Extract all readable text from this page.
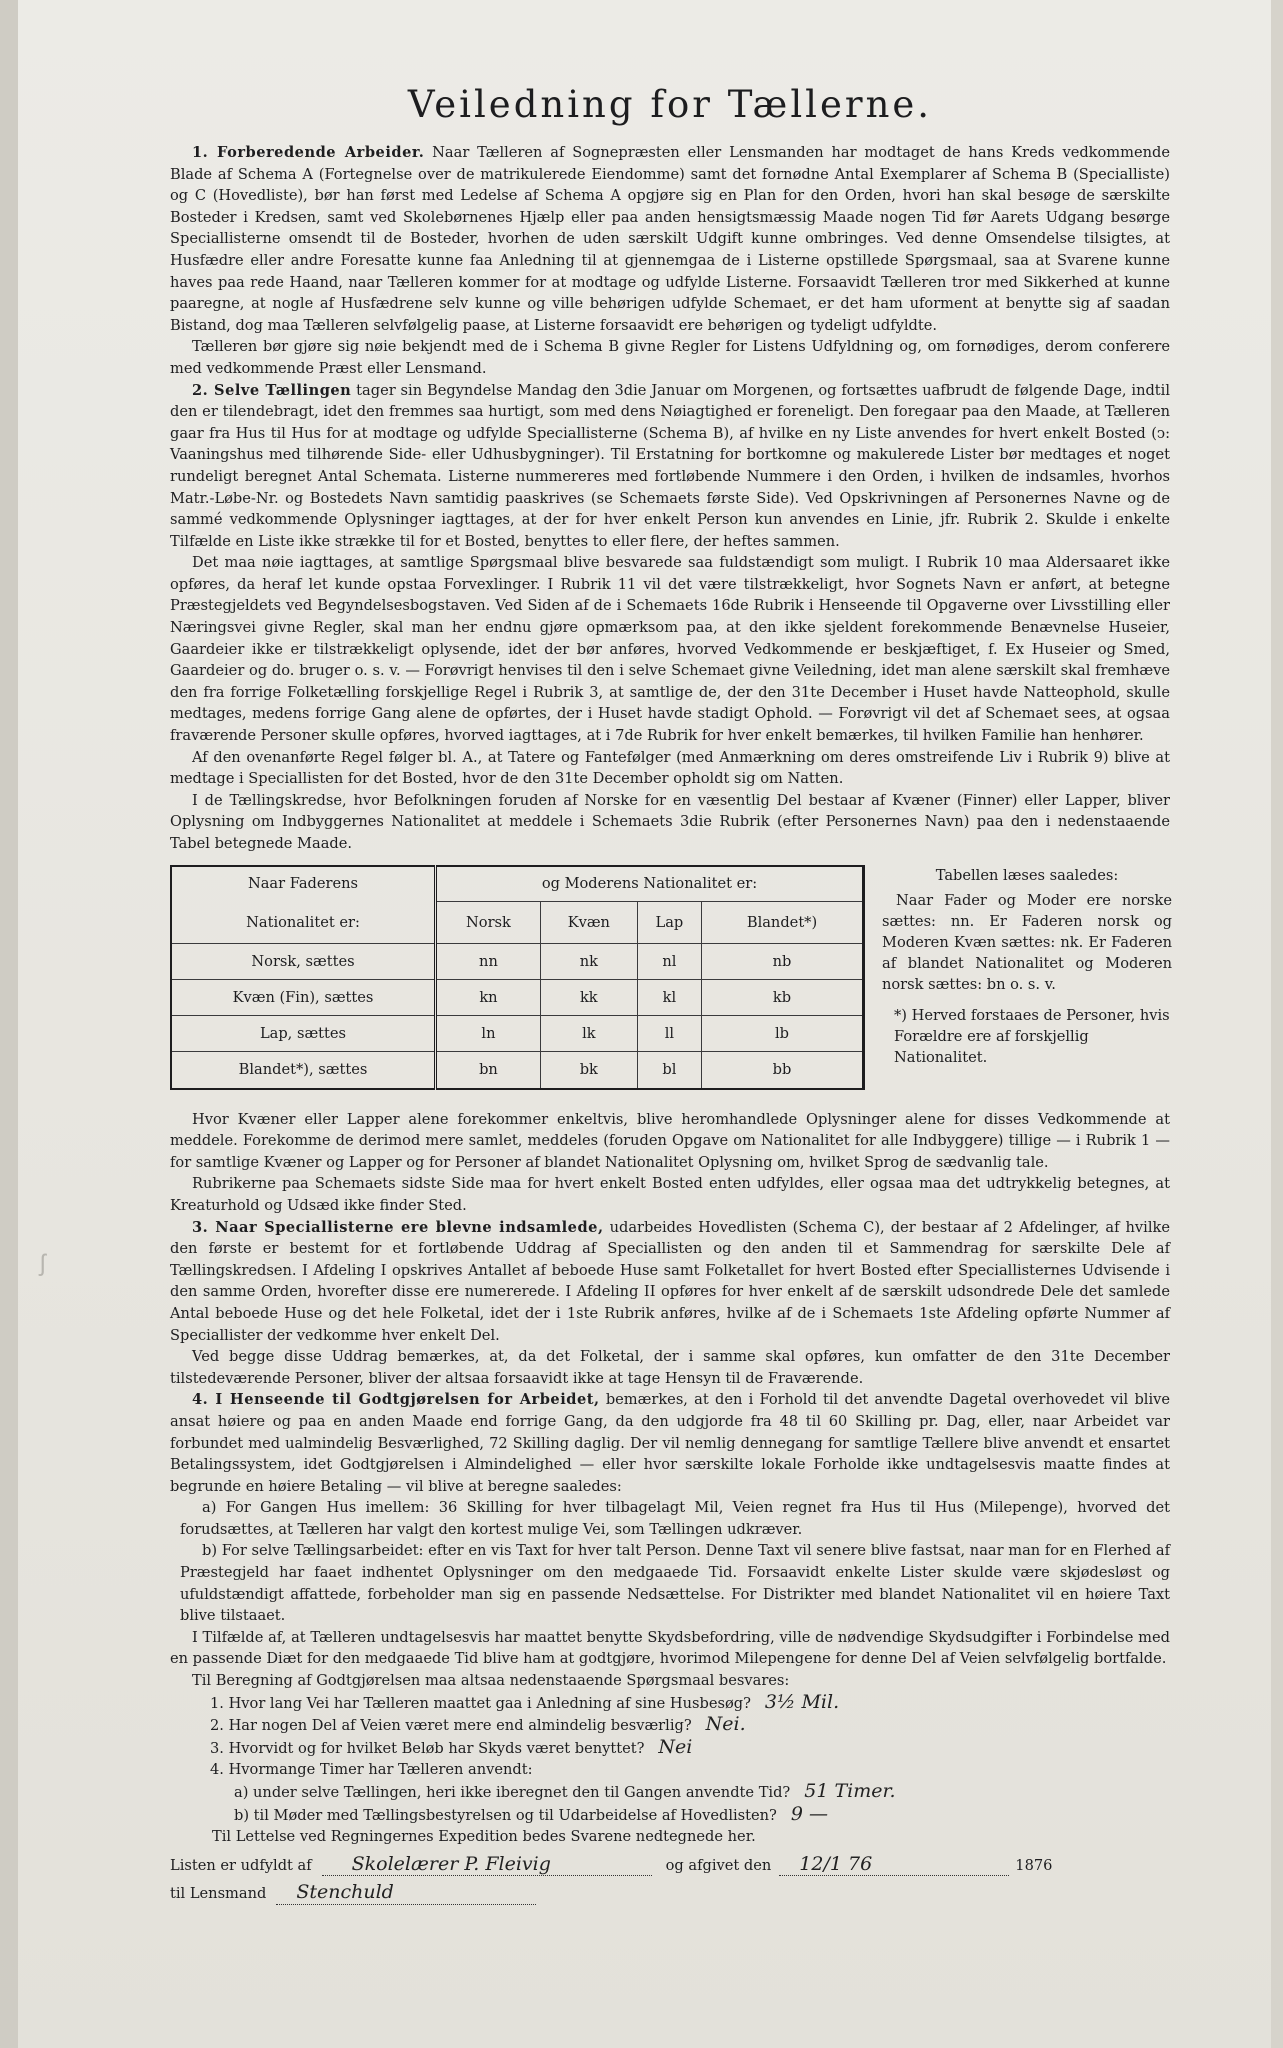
ʃ
Veiledning for Tællerne.

1. Forberedende Arbeider. Naar Tælleren af Sognepræsten eller Lensmanden har modtaget de hans Kreds vedkommende Blade af Schema A (Fortegnelse over de matrikulerede Eiendomme) samt det fornødne Antal Exemplarer af Schema B (Specialliste) og C (Hovedliste), bør han først med Ledelse af Schema A opgjøre sig en Plan for den Orden, hvori han skal besøge de særskilte Bosteder i Kredsen, samt ved Skolebørnenes Hjælp eller paa anden hensigtsmæssig Maade nogen Tid før Aarets Udgang besørge Speciallisterne omsendt til de Bosteder, hvorhen de uden særskilt Udgift kunne ombringes. Ved denne Omsendelse tilsigtes, at Husfædre eller andre Foresatte kunne faa Anledning til at gjennemgaa de i Listerne opstillede Spørgsmaal, saa at Svarene kunne haves paa rede Haand, naar Tælleren kommer for at modtage og udfylde Listerne. Forsaavidt Tælleren tror med Sikkerhed at kunne paaregne, at nogle af Husfædrene selv kunne og ville behørigen udfylde Schemaet, er det ham uforment at benytte sig af saadan Bistand, dog maa Tælleren selvfølgelig paase, at Listerne forsaavidt ere behørigen og tydeligt udfyldte.

Tælleren bør gjøre sig nøie bekjendt med de i Schema B givne Regler for Listens Udfyldning og, om fornødiges, derom conferere med vedkommende Præst eller Lensmand.

2. Selve Tællingen tager sin Begyndelse Mandag den 3die Januar om Morgenen, og fortsættes uafbrudt de følgende Dage, indtil den er tilendebragt, idet den fremmes saa hurtigt, som med dens Nøiagtighed er foreneligt. Den foregaar paa den Maade, at Tælleren gaar fra Hus til Hus for at modtage og udfylde Speciallisterne (Schema B), af hvilke en ny Liste anvendes for hvert enkelt Bosted (ↄ: Vaaningshus med tilhørende Side- eller Udhusbygninger). Til Erstatning for bortkomne og makulerede Lister bør medtages et noget rundeligt beregnet Antal Schemata. Listerne nummereres med fortløbende Nummere i den Orden, i hvilken de indsamles, hvorhos Matr.-Løbe-Nr. og Bostedets Navn samtidig paaskrives (se Schemaets første Side). Ved Opskrivningen af Personernes Navne og de sammé vedkommende Oplysninger iagttages, at der for hver enkelt Person kun anvendes en Linie, jfr. Rubrik 2. Skulde i enkelte Tilfælde en Liste ikke strække til for et Bosted, benyttes to eller flere, der heftes sammen.

Det maa nøie iagttages, at samtlige Spørgsmaal blive besvarede saa fuldstændigt som muligt. I Rubrik 10 maa Aldersaaret ikke opføres, da heraf let kunde opstaa Forvexlinger. I Rubrik 11 vil det være tilstrækkeligt, hvor Sognets Navn er anført, at betegne Præstegjeldets ved Begyndelsesbogstaven. Ved Siden af de i Schemaets 16de Rubrik i Henseende til Opgaverne over Livsstilling eller Næringsvei givne Regler, skal man her endnu gjøre opmærksom paa, at den ikke sjeldent forekommende Benævnelse Huseier, Gaardeier ikke er tilstrækkeligt oplysende, idet der bør anføres, hvorved Vedkommende er beskjæftiget, f. Ex Huseier og Smed, Gaardeier og do. bruger o. s. v. — Forøvrigt henvises til den i selve Schemaet givne Veiledning, idet man alene særskilt skal fremhæve den fra forrige Folketælling forskjellige Regel i Rubrik 3, at samtlige de, der den 31te December i Huset havde Natteophold, skulle medtages, medens forrige Gang alene de opførtes, der i Huset havde stadigt Ophold. — Forøvrigt vil det af Schemaet sees, at ogsaa fraværende Personer skulle opføres, hvorved iagttages, at i 7de Rubrik for hver enkelt bemærkes, til hvilken Familie han henhører.

Af den ovenanførte Regel følger bl. A., at Tatere og Fantefølger (med Anmærkning om deres omstreifende Liv i Rubrik 9) blive at medtage i Speciallisten for det Bosted, hvor de den 31te December opholdt sig om Natten.

I de Tællingskredse, hvor Befolkningen foruden af Norske for en væsentlig Del bestaar af Kvæner (Finner) eller Lapper, bliver Oplysning om Indbyggernes Nationalitet at meddele i Schemaets 3die Rubrik (efter Personernes Navn) paa den i nedenstaaende Tabel betegnede Maade.

Naar Faderens	og Moderens Nationalitet er:			
Nationalitet er:	Norsk	Kvæn	Lap	Blandet*)
Norsk, sættes	nn	nk	nl	nb
Kvæn (Fin), sættes	kn	kk	kl	kb
Lap, sættes	ln	lk	ll	lb
Blandet*), sættes	bn	bk	bl	bb

Tabellen læses saaledes:

Naar Fader og Moder ere norske sættes: nn. Er Faderen norsk og Moderen Kvæn sættes: nk. Er Faderen af blandet Nationalitet og Moderen norsk sættes: bn o. s. v.

*) Herved forstaaes de Personer, hvis Forældre ere af forskjellig Nationalitet.

Hvor Kvæner eller Lapper alene forekommer enkeltvis, blive heromhandlede Oplysninger alene for disses Vedkommende at meddele. Forekomme de derimod mere samlet, meddeles (foruden Opgave om Nationalitet for alle Indbyggere) tillige — i Rubrik 1 — for samtlige Kvæner og Lapper og for Personer af blandet Nationalitet Oplysning om, hvilket Sprog de sædvanlig tale.

Rubrikerne paa Schemaets sidste Side maa for hvert enkelt Bosted enten udfyldes, eller ogsaa maa det udtrykkelig betegnes, at Kreaturhold og Udsæd ikke finder Sted.

3. Naar Speciallisterne ere blevne indsamlede, udarbeides Hovedlisten (Schema C), der bestaar af 2 Afdelinger, af hvilke den første er bestemt for et fortløbende Uddrag af Speciallisten og den anden til et Sammendrag for særskilte Dele af Tællingskredsen. I Afdeling I opskrives Antallet af beboede Huse samt Folketallet for hvert Bosted efter Speciallisternes Udvisende i den samme Orden, hvorefter disse ere numererede. I Afdeling II opføres for hver enkelt af de særskilt udsondrede Dele det samlede Antal beboede Huse og det hele Folketal, idet der i 1ste Rubrik anføres, hvilke af de i Schemaets 1ste Afdeling opførte Nummer af Speciallister der vedkomme hver enkelt Del.

Ved begge disse Uddrag bemærkes, at, da det Folketal, der i samme skal opføres, kun omfatter de den 31te December tilstedeværende Personer, bliver der altsaa forsaavidt ikke at tage Hensyn til de Fraværende.

4. I Henseende til Godtgjørelsen for Arbeidet, bemærkes, at den i Forhold til det anvendte Dagetal overhovedet vil blive ansat høiere og paa en anden Maade end forrige Gang, da den udgjorde fra 48 til 60 Skilling pr. Dag, eller, naar Arbeidet var forbundet med ualmindelig Besværlighed, 72 Skilling daglig. Der vil nemlig dennegang for samtlige Tællere blive anvendt et ensartet Betalingssystem, idet Godtgjørelsen i Almindelighed — eller hvor særskilte lokale Forholde ikke undtagelsesvis maatte findes at begrunde en høiere Betaling — vil blive at beregne saaledes:

a) For Gangen Hus imellem: 36 Skilling for hver tilbagelagt Mil, Veien regnet fra Hus til Hus (Milepenge), hvorved det forudsættes, at Tælleren har valgt den kortest mulige Vei, som Tællingen udkræver.

b) For selve Tællingsarbeidet: efter en vis Taxt for hver talt Person. Denne Taxt vil senere blive fastsat, naar man for en Flerhed af Præstegjeld har faaet indhentet Oplysninger om den medgaaede Tid. Forsaavidt enkelte Lister skulde være skjødesløst og ufuldstændigt affattede, forbeholder man sig en passende Nedsættelse. For Distrikter med blandet Nationalitet vil en høiere Taxt blive tilstaaet.

I Tilfælde af, at Tælleren undtagelsesvis har maattet benytte Skydsbefordring, ville de nødvendige Skydsudgifter i Forbindelse med en passende Diæt for den medgaaede Tid blive ham at godtgjøre, hvorimod Milepengene for denne Del af Veien selvfølgelig bortfalde.

Til Beregning af Godtgjørelsen maa altsaa nedenstaaende Spørgsmaal besvares:

1. Hvor lang Vei har Tælleren maattet gaa i Anledning af sine Husbesøg? 3½ Mil.
2. Har nogen Del af Veien været mere end almindelig besværlig? Nei.
3. Hvorvidt og for hvilket Beløb har Skyds været benyttet? Nei
4. Hvormange Timer har Tælleren anvendt:
a) under selve Tællingen, heri ikke iberegnet den til Gangen anvendte Tid? 51 Timer.
b) til Møder med Tællingsbestyrelsen og til Udarbeidelse af Hovedlisten? 9 —

Til Lettelse ved Regningernes Expedition bedes Svarene nedtegnede her.

Listen er udfyldt af	Skolelærer P. Fleivig	og afgivet den	12/1 76	1876
til Lensmand	Stenchuld
